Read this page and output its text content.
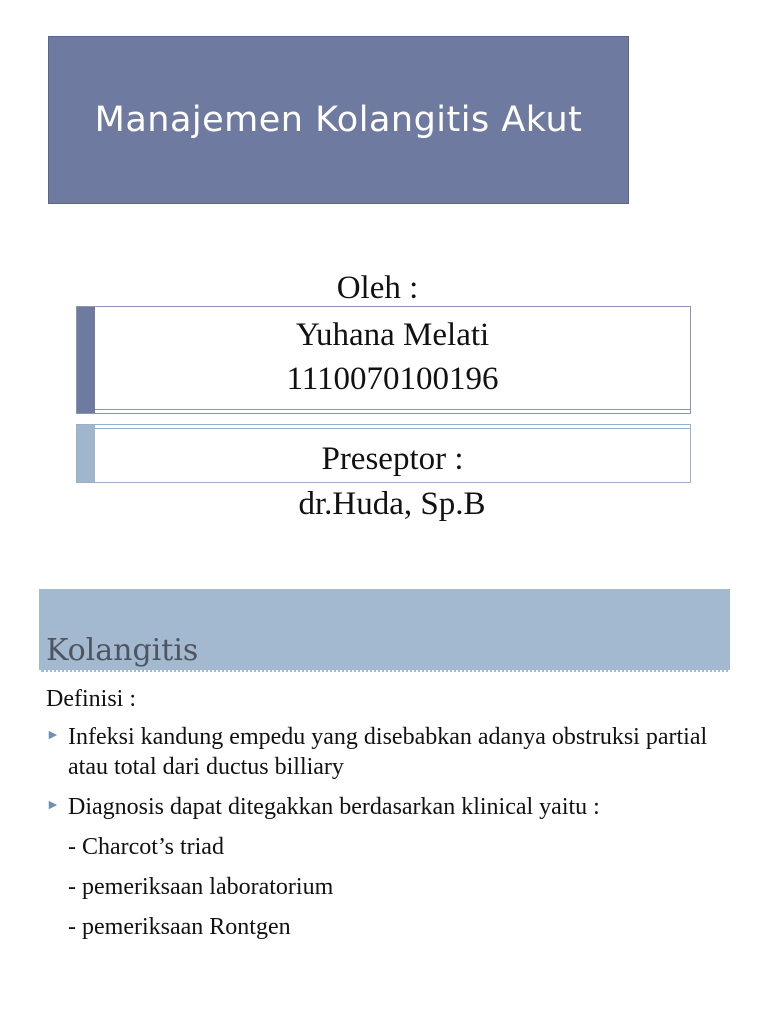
Manajemen Kolangitis Akut
Oleh :
Yuhana Melati
1110070100196
Preseptor :
dr.Huda, Sp.B
Kolangitis
Definisi :
► Infeksi kandung empedu yang disebabkan adanya obstruksi partial atau total dari ductus billiary
► Diagnosis dapat ditegakkan berdasarkan klinical yaitu :
- Charcot’s triad
- pemeriksaan laboratorium
- pemeriksaan Rontgen
